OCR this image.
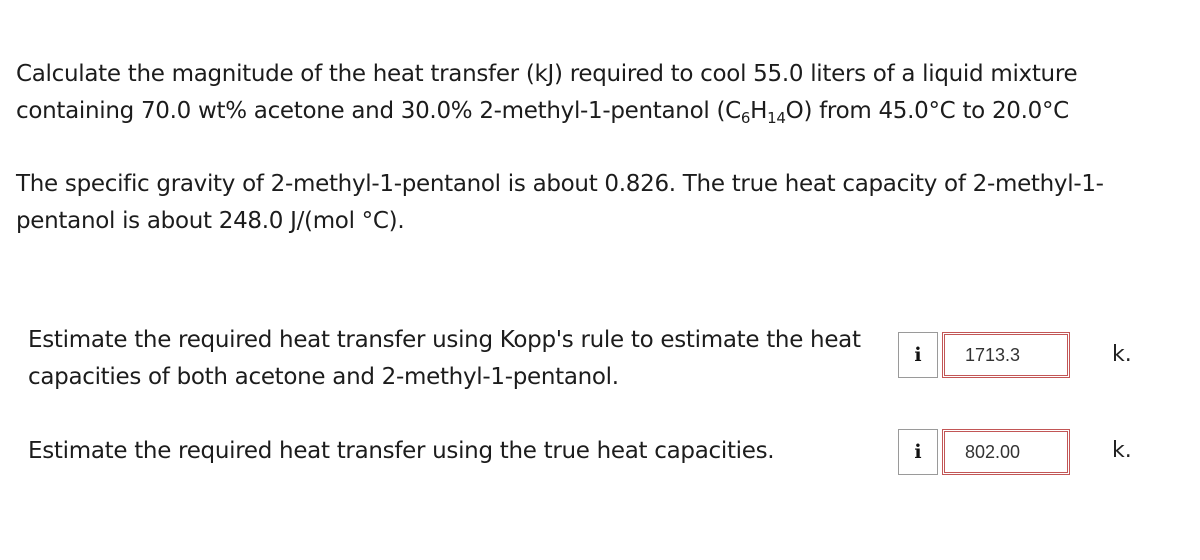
Calculate the magnitude of the heat transfer (kJ) required to cool 55.0 liters of a liquid mixture containing 70.0 wt% acetone and 30.0% 2-methyl-1-pentanol $(C_6H_{14}O)$ from 45.0°C to 20.0°C

The specific gravity of 2-methyl-1-pentanol is about 0.826. The true heat capacity of 2-methyl-1-pentanol is about 248.0 J/(mol °C).

Estimate the required heat transfer using Kopp's rule to estimate the heat capacities of both acetone and 2-methyl-1-pentanol.
i	1713.3	k.
Estimate the required heat transfer using the true heat capacities.	i	802.00	k.
